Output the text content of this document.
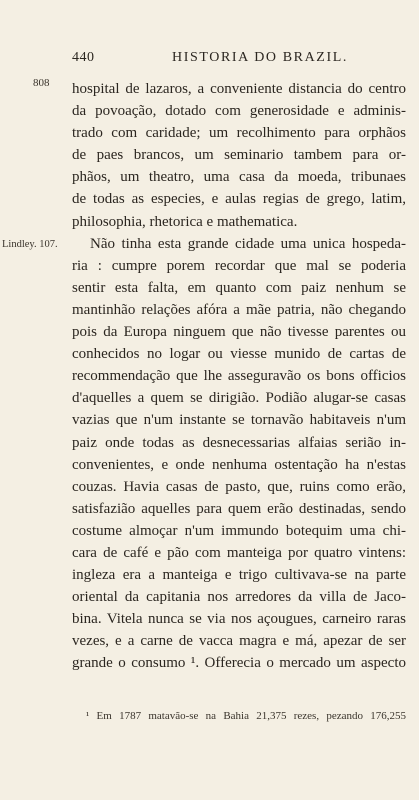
440	HISTORIA DO BRAZIL.
808
Lindley. 107.
hospital de lazaros, a conveniente distancia do centro
da povoação, dotado com generosidade e adminis-
trado com caridade; um recolhimento para orphãos
de paes brancos, um seminario tambem para or-
phãos, um theatro, uma casa da moeda, tribunaes
de todas as especies, e aulas regias de grego, latim,
philosophia, rhetorica e mathematica.
Não tinha esta grande cidade uma unica hospeda-
ria : cumpre porem recordar que mal se poderia
sentir esta falta, em quanto com paiz nenhum se
mantinhão relações afóra a mãe patria, não chegando
pois da Europa ninguem que não tivesse parentes ou
conhecidos no logar ou viesse munido de cartas de
recommendação que lhe asseguravão os bons officios
d'aquelles a quem se dirigião. Podião alugar-se casas
vazias que n'um instante se tornavão habitaveis n'um
paiz onde todas as desnecessarias alfaias serião in-
convenientes, e onde nenhuma ostentação ha n'estas
couzas. Havia casas de pasto, que, ruins como erão,
satisfazião aquelles para quem erão destinadas, sendo
costume almoçar n'um immundo botequim uma chi-
cara de café e pão com manteiga por quatro vintens:
ingleza era a manteiga e trigo cultivava-se na parte
oriental da capitania nos arredores da villa de Jaco-
bina. Vitela nunca se via nos açougues, carneiro raras
vezes, e a carne de vacca magra e má, apezar de ser
grande o consumo ¹. Offerecia o mercado um aspecto
¹ Em 1787 matavão-se na Bahia 21,375 rezes, pezando 176,255
